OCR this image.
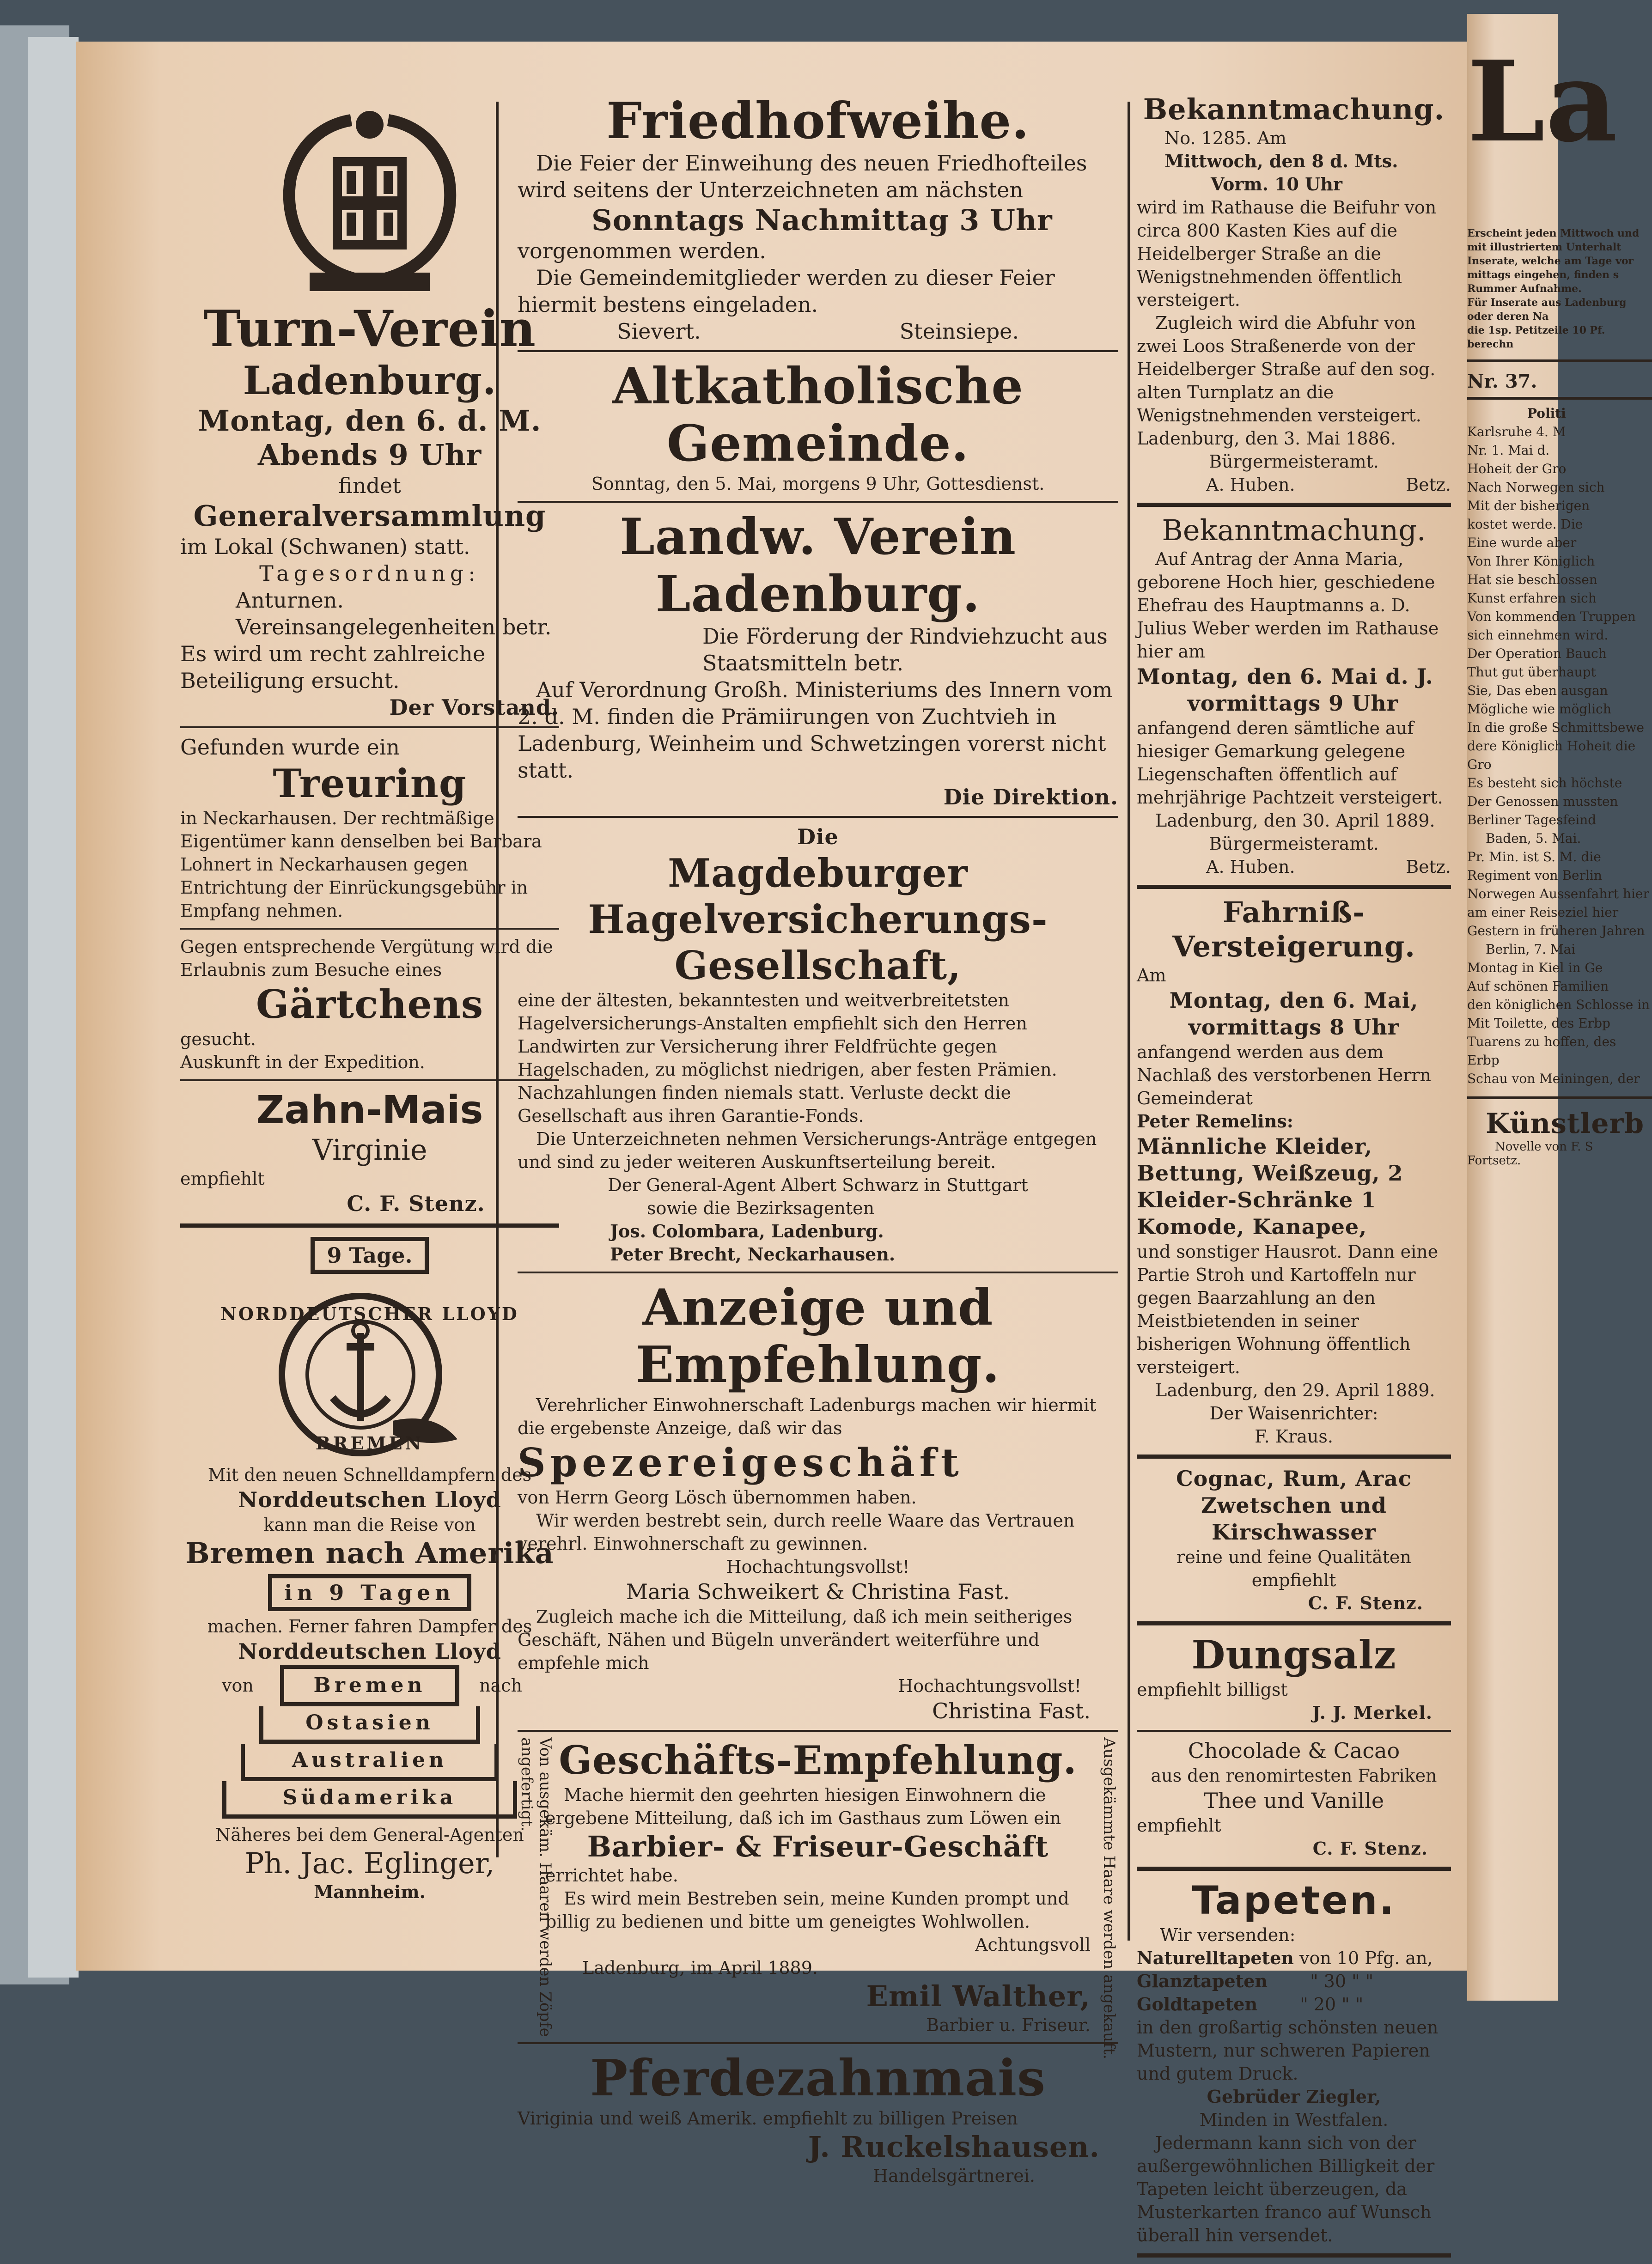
Turn-Verein
Ladenburg.
Montag, den 6. d. M.
Abends 9 Uhr
findet
Generalversammlung
im Lokal (Schwanen) statt.
Tagesordnung:
Anturnen.
Vereinsangelegenheiten betr.
Es wird um recht zahlreiche Beteiligung ersucht.
Der Vorstand.
Gefunden wurde ein
Treuring
in Neckarhausen. Der rechtmäßige Eigentümer kann denselben bei Barbara Lohnert in Neckarhausen gegen Entrichtung der Einrückungsgebühr in Empfang nehmen.
Gegen entsprechende Vergütung wird die Erlaubnis zum Besuche eines
Gärtchens
gesucht.
Auskunft in der Expedition.
Zahn-Mais
Virginie
empfiehlt
C. F. Stenz.
9 Tage.
NORDDEUTSCHER LLOYD
BREMEN
Mit den neuen Schnelldampfern des
Norddeutschen Lloyd
kann man die Reise von
Bremen nach Amerika
in 9 Tagen
machen. Ferner fahren Dampfer des
Norddeutschen Lloyd
von	nach
Bremen
Ostasien
Australien
Südamerika
Näheres bei dem General-Agenten
Ph. Jac. Eglinger,
Mannheim.
Friedhofweihe.
Die Feier der Einweihung des neuen Friedhofteiles wird seitens der Unterzeichneten am nächsten
Sonntags Nachmittag 3 Uhr
vorgenommen werden.
Die Gemeindemitglieder werden zu dieser Feier hiermit bestens eingeladen.
Sievert.	Steinsiepe.
Altkatholische Gemeinde.
Sonntag, den 5. Mai, morgens 9 Uhr, Gottesdienst.
Landw. Verein Ladenburg.
Die Förderung der Rindviehzucht aus Staatsmitteln betr.
Auf Verordnung Großh. Ministeriums des Innern vom 2. d. M. finden die Prämiirungen von Zuchtvieh in Ladenburg, Weinheim und Schwetzingen vorerst nicht statt.
Die Direktion.
Die
Magdeburger Hagelversicherungs-
Gesellschaft,
eine der ältesten, bekanntesten und weitverbreitetsten Hagelversicherungs-Anstalten empfiehlt sich den Herren Landwirten zur Versicherung ihrer Feldfrüchte gegen Hagelschaden, zu möglichst niedrigen, aber festen Prämien. Nachzahlungen finden niemals statt. Verluste deckt die Gesellschaft aus ihren Garantie-Fonds.
Die Unterzeichneten nehmen Versicherungs-Anträge entgegen und sind zu jeder weiteren Auskunftserteilung bereit.
Der General-Agent Albert Schwarz in Stuttgart
sowie die Bezirksagenten
Jos. Colombara, Ladenburg.
Peter Brecht, Neckarhausen.
Anzeige und Empfehlung.
Verehrlicher Einwohnerschaft Ladenburgs machen wir hiermit die ergebenste Anzeige, daß wir das
Spezereigeschäft
von Herrn Georg Lösch übernommen haben.
Wir werden bestrebt sein, durch reelle Waare das Vertrauen verehrl. Einwohnerschaft zu gewinnen.
Hochachtungsvollst!
Maria Schweikert & Christina Fast.
Zugleich mache ich die Mitteilung, daß ich mein seitheriges Geschäft, Nähen und Bügeln unverändert weiterführe und empfehle mich
Hochachtungsvollst!
Christina Fast.
Von ausgekäm. Haaren werden Zöpfe angefertigt.	Ausgekämmte Haare werden angekauft.
Geschäfts-Empfehlung.
Mache hiermit den geehrten hiesigen Einwohnern die ergebene Mitteilung, daß ich im Gasthaus zum Löwen ein
Barbier- & Friseur-Geschäft
errichtet habe.
Es wird mein Bestreben sein, meine Kunden prompt und billig zu bedienen und bitte um geneigtes Wohlwollen.
Achtungsvoll
Ladenburg, im April 1889.
Emil Walther,
Barbier u. Friseur.
Pferdezahnmais
Viriginia und weiß Amerik. empfiehlt zu billigen Preisen
J. Ruckelshausen.
Handelsgärtnerei.
Bekanntmachung.
No. 1285. Am
Mittwoch, den 8 d. Mts.
Vorm. 10 Uhr
wird im Rathause die Beifuhr von circa 800 Kasten Kies auf die Heidelberger Straße an die Wenigstnehmenden öffentlich versteigert.
Zugleich wird die Abfuhr von zwei Loos Straßenerde von der Heidelberger Straße auf den sog. alten Turnplatz an die Wenigstnehmenden versteigert.
Ladenburg, den 3. Mai 1886.
Bürgermeisteramt.
A. Huben.	Betz.
Bekanntmachung.
Auf Antrag der Anna Maria, geborene Hoch hier, geschiedene Ehefrau des Hauptmanns a. D. Julius Weber werden im Rathause hier am
Montag, den 6. Mai d. J.
vormittags 9 Uhr
anfangend deren sämtliche auf hiesiger Gemarkung gelegene Liegenschaften öffentlich auf mehrjährige Pachtzeit versteigert.
Ladenburg, den 30. April 1889.
Bürgermeisteramt.
A. Huben.	Betz.
Fahrniß-Versteigerung.
Am
Montag, den 6. Mai,
vormittags 8 Uhr
anfangend werden aus dem Nachlaß des verstorbenen Herrn Gemeinderat
Peter Remelins:
Männliche Kleider, Bettung, Weißzeug, 2 Kleider-Schränke 1 Komode, Kanapee,
und sonstiger Hausrot. Dann eine Partie Stroh und Kartoffeln nur gegen Baarzahlung an den Meistbietenden in seiner bisherigen Wohnung öffentlich versteigert.
Ladenburg, den 29. April 1889.
Der Waisenrichter:
F. Kraus.
Cognac, Rum, Arac
Zwetschen und Kirschwasser
reine und feine Qualitäten empfiehlt
C. F. Stenz.
Dungsalz
empfiehlt billigst
J. J. Merkel.
Chocolade & Cacao
aus den renomirtesten Fabriken
Thee und Vanille
empfiehlt
C. F. Stenz.
Tapeten.
Wir versenden:
Naturelltapeten von 10 Pfg. an,
Glanztapeten " 30 " "
Goldtapeten " 20 " "
in den großartig schönsten neuen Mustern, nur schweren Papieren und gutem Druck.
Gebrüder Ziegler,
Minden in Westfalen.
Jedermann kann sich von der außergewöhnlichen Billigkeit der Tapeten leicht überzeugen, da Musterkarten franco auf Wunsch überall hin versendet.
La
Erscheint jeden Mittwoch und
mit illustriertem Unterhalt
Inserate, welche am Tage vor
mittags eingehen, finden s
Rummer Aufnahme.
Für Inserate aus Ladenburg oder deren Na
die 1sp. Petitzeile 10 Pf. berechn
Nr. 37.
Politi
Karlsruhe 4. M
Nr. 1. Mai d.
Hoheit der Gro
Nach Norwegen sich
Mit der bisherigen
kostet werde. Die
Eine wurde aber
Von Ihrer Königlich
Hat sie beschlossen
Kunst erfahren sich
Von kommenden Truppen
sich einnehmen wird.
Der Operation Bauch
Thut gut überhaupt
Sie, Das eben ausgan
Mögliche wie möglich
In die große Schmittsbewe
dere Königlich Hoheit die Gro
Es besteht sich höchste
Der Genossen mussten
Berliner Tagesfeind
Baden, 5. Mai.
Pr. Min. ist S. M. die
Regiment von Berlin
Norwegen Aussenfahrt hier
am einer Reiseziel hier
Gestern in früheren Jahren
Berlin, 7. Mai
Montag in Kiel in Ge
Auf schönen Familien
den königlichen Schlosse in
Mit Toilette, des Erbp
Tuarens zu hoffen, des Erbp
Schau von Meiningen, der
Künstlerb
Novelle von F. S
Fortsetz.
